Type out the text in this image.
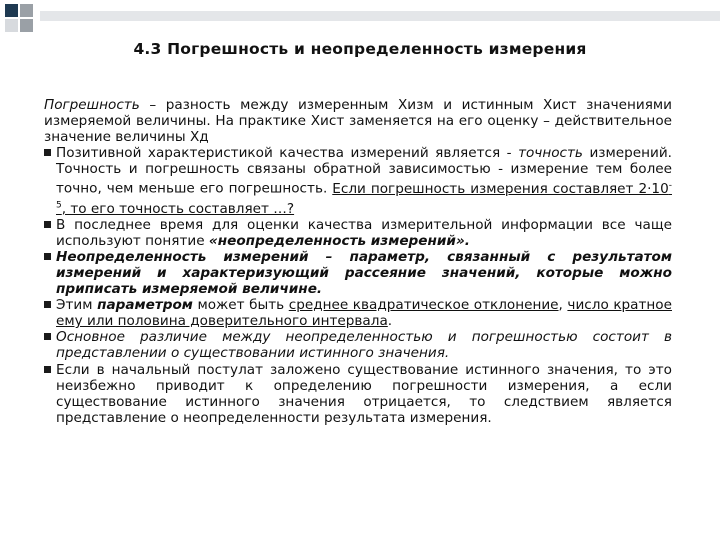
4.3 Погрешность и неопределенность измерения

Погрешность – разность между измеренным Хизм и истинным Хист значениями измеряемой величины. На практике Хист заменяется на его оценку – действительное значение величины Хд

Позитивной характеристикой качества измерений является - точность измерений. Точность и погрешность связаны обратной зависимостью - измерение тем более точно, чем меньше его погрешность. Если погрешность измерения составляет $2\cdot 10^{-5}$, то его точность составляет …?

В последнее время для оценки качества измерительной информации все чаще используют понятие «неопределенность измерений».

Неопределенность измерений – параметр, связанный с результатом измерений и характеризующий рассеяние значений, которые можно приписать измеряемой величине.

Этим параметром может быть среднее квадратическое отклонение, число кратное ему или половина доверительного интервала.

Основное различие между неопределенностью и погрешностью состоит в представлении о существовании истинного значения.

Если в начальный постулат заложено существование истинного значения, то это неизбежно приводит к определению погрешности измерения, а если существование истинного значения отрицается, то следствием является представление о неопределенности результата измерения.
